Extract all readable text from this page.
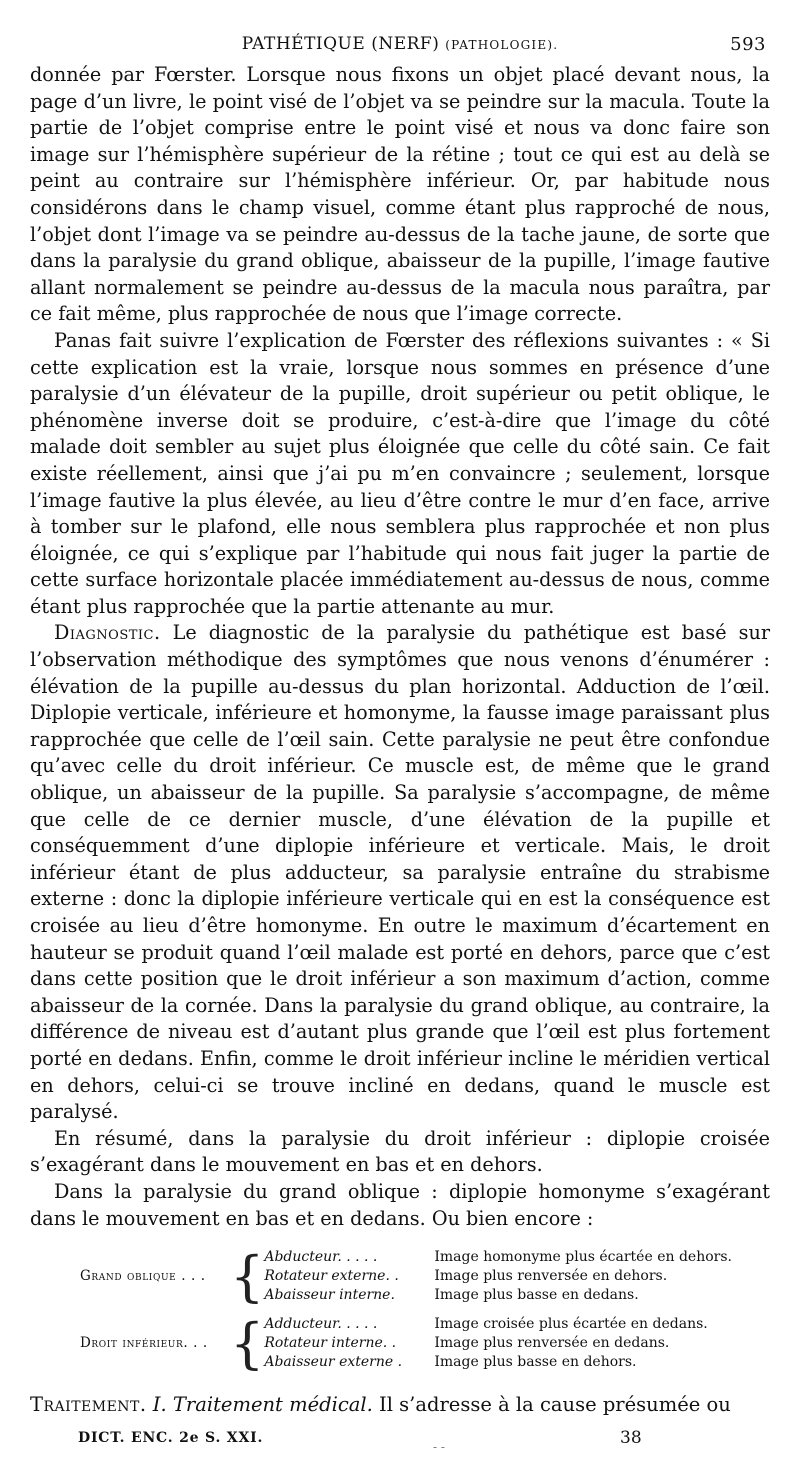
PATHÉTIQUE (NERF) (PATHOLOGIE).	593

donnée par Fœrster. Lorsque nous fixons un objet placé devant nous, la page d’un livre, le point visé de l’objet va se peindre sur la macula. Toute la partie de l’objet comprise entre le point visé et nous va donc faire son image sur l’hémisphère supérieur de la rétine ; tout ce qui est au delà se peint au contraire sur l’hémisphère inférieur. Or, par habitude nous considérons dans le champ visuel, comme étant plus rapproché de nous, l’objet dont l’image va se peindre au-dessus de la tache jaune, de sorte que dans la paralysie du grand oblique, abaisseur de la pupille, l’image fautive allant normalement se peindre au-dessus de la macula nous paraîtra, par ce fait même, plus rapprochée de nous que l’image correcte.

Panas fait suivre l’explication de Fœrster des réflexions suivantes : « Si cette explication est la vraie, lorsque nous sommes en présence d’une paralysie d’un élévateur de la pupille, droit supérieur ou petit oblique, le phénomène inverse doit se produire, c’est-à-dire que l’image du côté malade doit sembler au sujet plus éloignée que celle du côté sain. Ce fait existe réellement, ainsi que j’ai pu m’en convaincre ; seulement, lorsque l’image fautive la plus élevée, au lieu d’être contre le mur d’en face, arrive à tomber sur le plafond, elle nous semblera plus rapprochée et non plus éloignée, ce qui s’explique par l’habitude qui nous fait juger la partie de cette surface horizontale placée immédiatement au-dessus de nous, comme étant plus rapprochée que la partie attenante au mur.

Diagnostic. Le diagnostic de la paralysie du pathétique est basé sur l’observation méthodique des symptômes que nous venons d’énumérer : élévation de la pupille au-dessus du plan horizontal. Adduction de l’œil. Diplopie verticale, inférieure et homonyme, la fausse image paraissant plus rapprochée que celle de l’œil sain. Cette paralysie ne peut être confondue qu’avec celle du droit inférieur. Ce muscle est, de même que le grand oblique, un abaisseur de la pupille. Sa paralysie s’accompagne, de même que celle de ce dernier muscle, d’une élévation de la pupille et conséquemment d’une diplopie inférieure et verticale. Mais, le droit inférieur étant de plus adducteur, sa paralysie entraîne du strabisme externe : donc la diplopie inférieure verticale qui en est la conséquence est croisée au lieu d’être homonyme. En outre le maximum d’écartement en hauteur se produit quand l’œil malade est porté en dehors, parce que c’est dans cette position que le droit inférieur a son maximum d’action, comme abaisseur de la cornée. Dans la paralysie du grand oblique, au contraire, la différence de niveau est d’autant plus grande que l’œil est plus fortement porté en dedans. Enfin, comme le droit inférieur incline le méridien vertical en dehors, celui-ci se trouve incliné en dedans, quand le muscle est paralysé.

En résumé, dans la paralysie du droit inférieur : diplopie croisée s’exagérant dans le mouvement en bas et en dehors.

Dans la paralysie du grand oblique : diplopie homonyme s’exagérant dans le mouvement en bas et en dedans. Ou bien encore :

Grand oblique . . .	{	Abducteur. . . . .	Image homonyme plus écartée en dehors.
		Rotateur externe. .	Image plus renversée en dehors.
		Abaisseur interne.	Image plus basse en dedans.

Droit inférieur. . .	{	Adducteur. . . . .	Image croisée plus écartée en dedans.
		Rotateur interne. .	Image plus renversée en dedans.
		Abaisseur externe .	Image plus basse en dehors.
Traitement. I. Traitement médical. Il s’adresse à la cause présumée ou
DICT. ENC. 2e S. XXI.	38
- -
